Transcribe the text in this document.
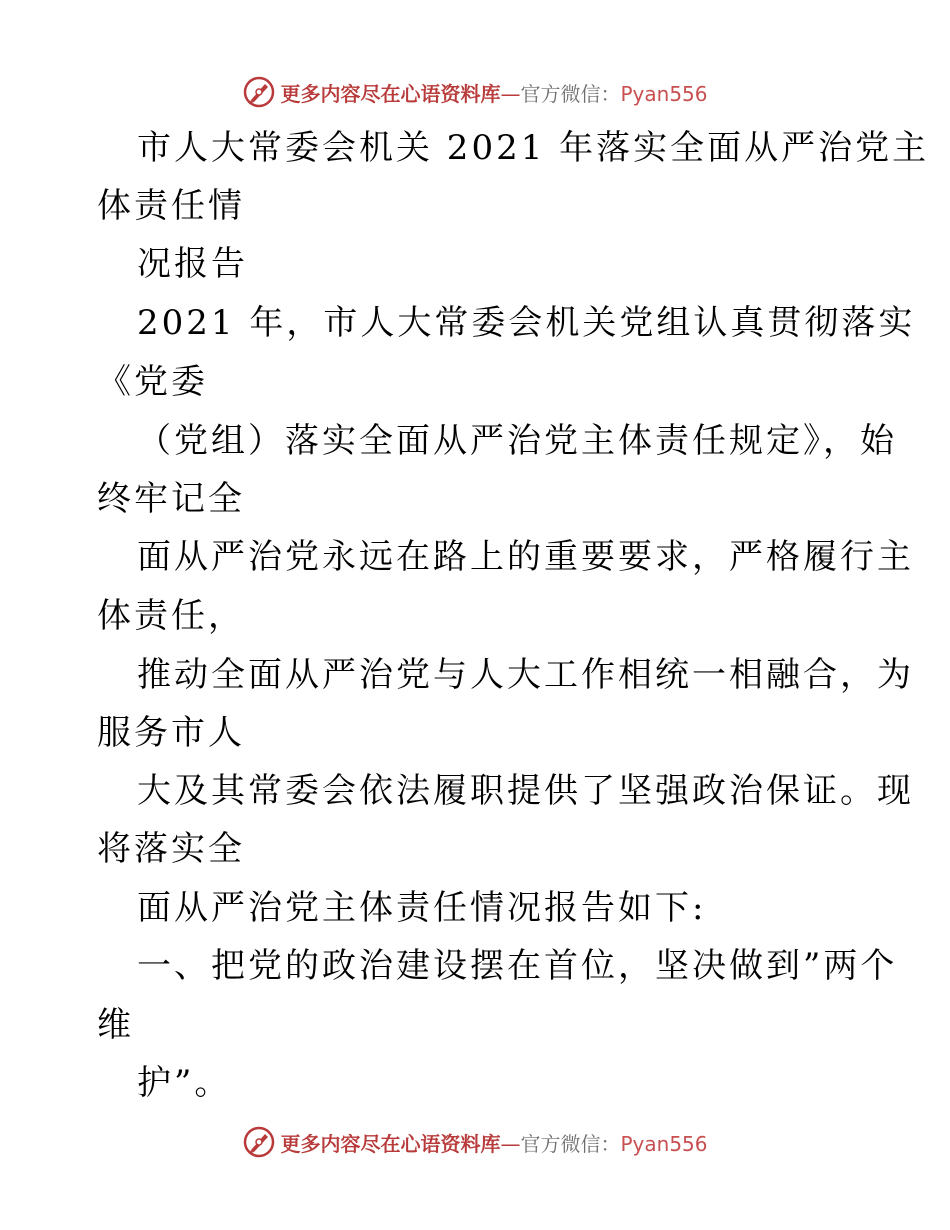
更多内容尽在心语资料库—官方微信：Pyan556
市人大常委会机关 2021 年落实全面从严治党主
体责任情
况报告
2021 年，市人大常委会机关党组认真贯彻落实
《党委
（党组）落实全面从严治党主体责任规定》，始
终牢记全
面从严治党永远在路上的重要要求，严格履行主
体责任，
推动全面从严治党与人大工作相统一相融合，为
服务市人
大及其常委会依法履职提供了坚强政治保证。现
将落实全
面从严治党主体责任情况报告如下:
一、把党的政治建设摆在首位，坚决做到”两个
维
护”。
更多内容尽在心语资料库—官方微信：Pyan556
